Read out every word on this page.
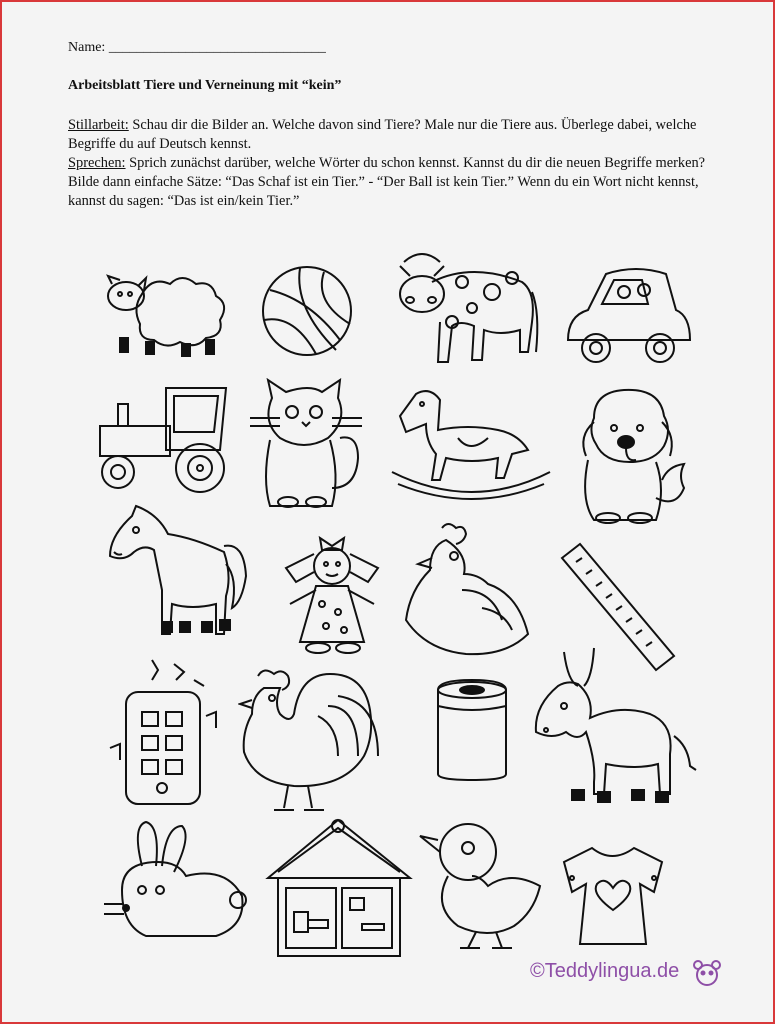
Name: _______________________________
Arbeitsblatt Tiere und Verneinung mit “kein”

Stillarbeit: Schau dir die Bilder an. Welche davon sind Tiere? Male nur die Tiere aus. Überlege dabei, welche Begriffe du auf Deutsch kennst.

Sprechen: Sprich zunächst darüber, welche Wörter du schon kennst. Kannst du dir die neuen Begriffe merken? Bilde dann einfache Sätze: “Das Schaf ist ein Tier.” - “Der Ball ist kein Tier.” Wenn du ein Wort nicht kennst, kannst du sagen: “Das ist ein/kein Tier.”

©Teddylingua.de
